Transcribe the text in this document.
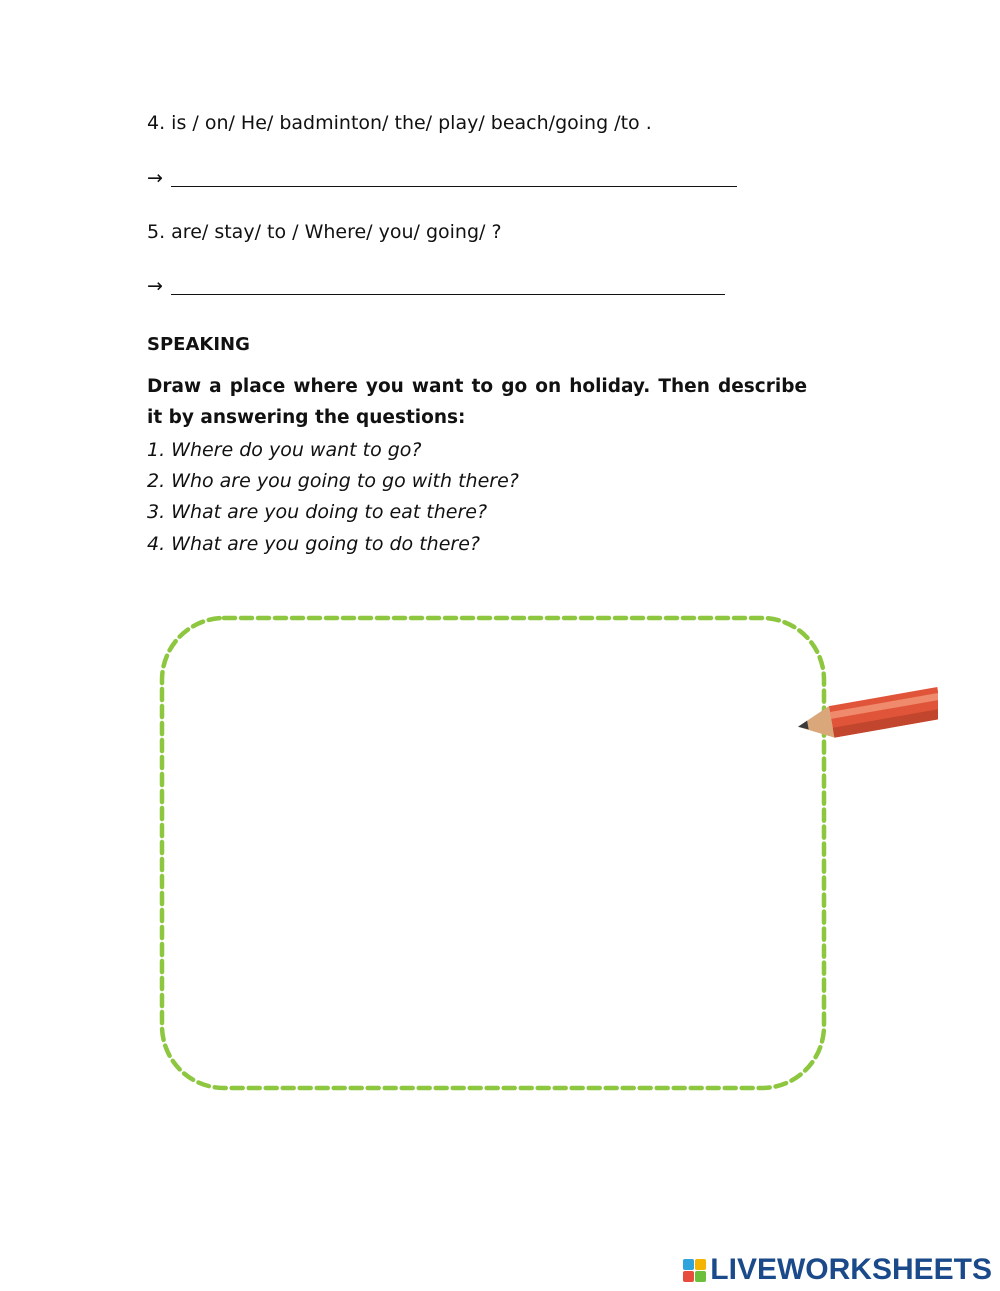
4. is / on/ He/ badminton/ the/ play/ beach/going /to .
→
5. are/ stay/ to / Where/ you/ going/ ?
→
SPEAKING
Draw a place where you want to go on holiday. Then describe it by answering the questions:
1. Where do you want to go?
2. Who are you going to go with there?
3. What are you doing to eat there?
4. What are you going to do there?
LIVEWORKSHEETS
